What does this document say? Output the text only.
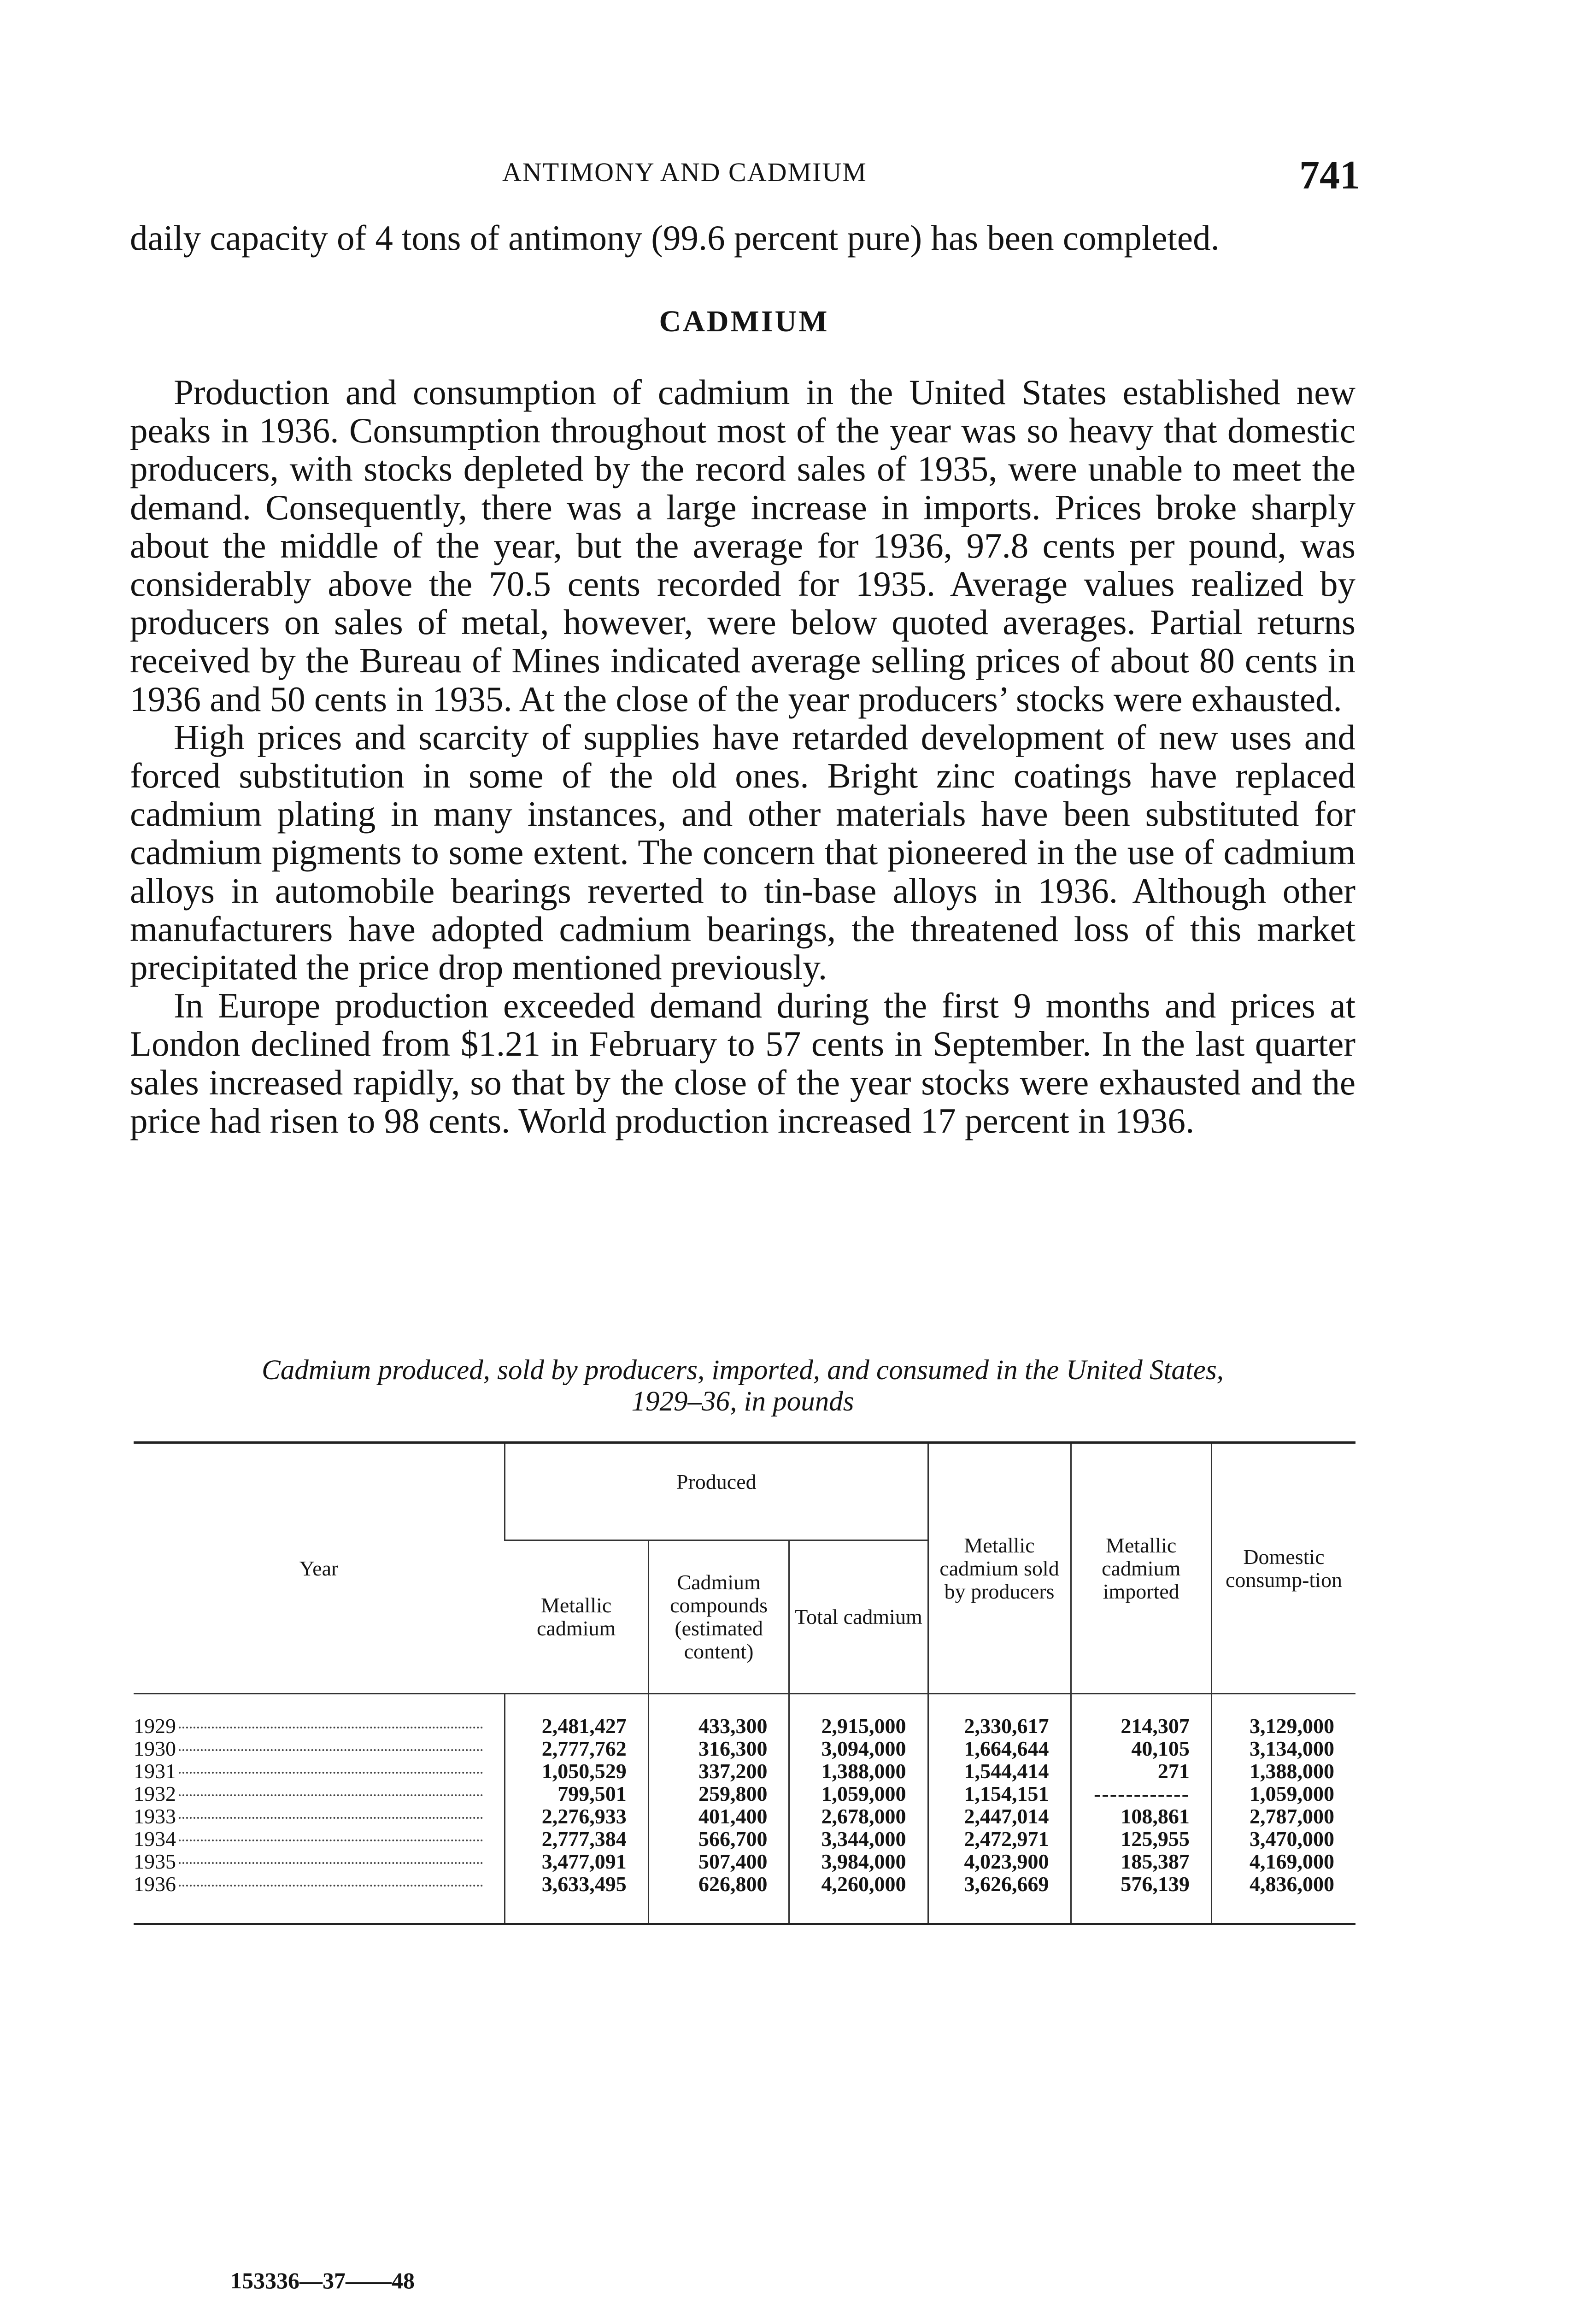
ANTIMONY AND CADMIUM	741

daily capacity of 4 tons of antimony (99.6 percent pure) has been completed.

CADMIUM

Production and consumption of cadmium in the United States established new peaks in 1936. Consumption throughout most of the year was so heavy that domestic producers, with stocks depleted by the record sales of 1935, were unable to meet the demand. Consequently, there was a large increase in imports. Prices broke sharply about the middle of the year, but the average for 1936, 97.8 cents per pound, was considerably above the 70.5 cents recorded for 1935. Average values realized by producers on sales of metal, however, were below quoted averages. Partial returns received by the Bureau of Mines indicated average selling prices of about 80 cents in 1936 and 50 cents in 1935. At the close of the year producers’ stocks were exhausted.

High prices and scarcity of supplies have retarded development of new uses and forced substitution in some of the old ones. Bright zinc coatings have replaced cadmium plating in many instances, and other materials have been substituted for cadmium pigments to some extent. The concern that pioneered in the use of cadmium alloys in automobile bearings reverted to tin-base alloys in 1936. Although other manufacturers have adopted cadmium bearings, the threatened loss of this market precipitated the price drop mentioned previously.

In Europe production exceeded demand during the first 9 months and prices at London declined from $1.21 in February to 57 cents in September. In the last quarter sales increased rapidly, so that by the close of the year stocks were exhausted and the price had risen to 98 cents. World production increased 17 percent in 1936.

Cadmium produced, sold by producers, imported, and consumed in the United States,
1929–36, in pounds
Year	Produced			Metallic cadmium sold by producers	Metallic cadmium imported	Domestic consump-tion
	Metallic cadmium	Cadmium compounds (estimated content)	Total cadmium			
1929	2,481,427	433,300	2,915,000	2,330,617	214,307	3,129,000
1930	2,777,762	316,300	3,094,000	1,664,644	40,105	3,134,000
1931	1,050,529	337,200	1,388,000	1,544,414	271	1,388,000
1932	799,501	259,800	1,059,000	1,154,151	------------	1,059,000
1933	2,276,933	401,400	2,678,000	2,447,014	108,861	2,787,000
1934	2,777,384	566,700	3,344,000	2,472,971	125,955	3,470,000
1935	3,477,091	507,400	3,984,000	4,023,900	185,387	4,169,000
1936	3,633,495	626,800	4,260,000	3,626,669	576,139	4,836,000
153336—37——48
